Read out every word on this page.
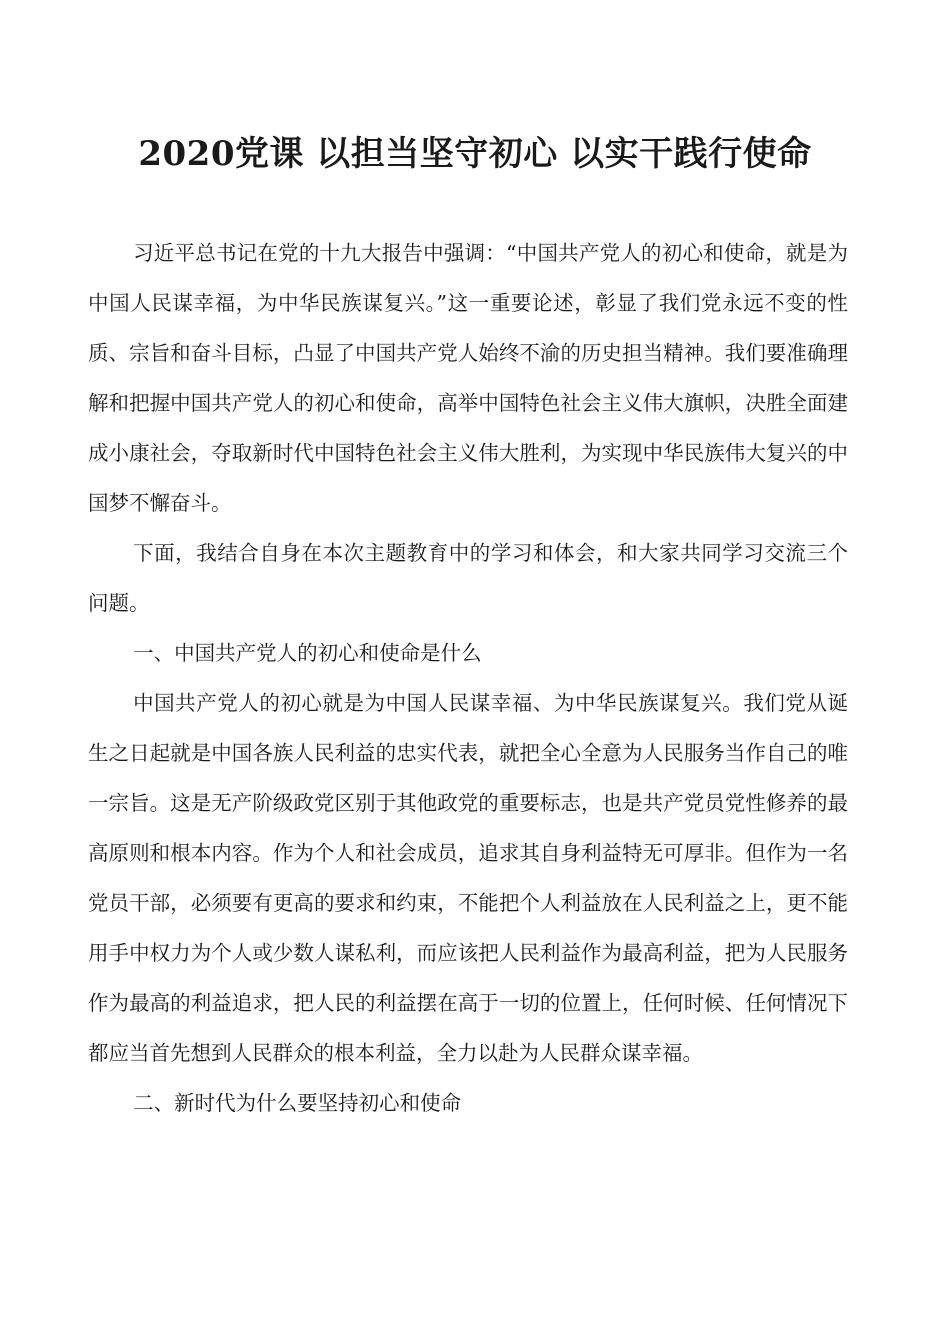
2020党课 以担当坚守初心 以实干践行使命

习近平总书记在党的十九大报告中强调：“中国共产党人的初心和使命，就是为中国人民谋幸福，为中华民族谋复兴。”这一重要论述，彰显了我们党永远不变的性质、宗旨和奋斗目标，凸显了中国共产党人始终不渝的历史担当精神。我们要准确理解和把握中国共产党人的初心和使命，高举中国特色社会主义伟大旗帜，决胜全面建成小康社会，夺取新时代中国特色社会主义伟大胜利，为实现中华民族伟大复兴的中国梦不懈奋斗。

下面，我结合自身在本次主题教育中的学习和体会，和大家共同学习交流三个问题。

一、中国共产党人的初心和使命是什么

中国共产党人的初心就是为中国人民谋幸福、为中华民族谋复兴。我们党从诞生之日起就是中国各族人民利益的忠实代表，就把全心全意为人民服务当作自己的唯一宗旨。这是无产阶级政党区别于其他政党的重要标志，也是共产党员党性修养的最高原则和根本内容。作为个人和社会成员，追求其自身利益特无可厚非。但作为一名党员干部，必须要有更高的要求和约束，不能把个人利益放在人民利益之上，更不能用手中权力为个人或少数人谋私利，而应该把人民利益作为最高利益，把为人民服务作为最高的利益追求，把人民的利益摆在高于一切的位置上，任何时候、任何情况下都应当首先想到人民群众的根本利益，全力以赴为人民群众谋幸福。

二、新时代为什么要坚持初心和使命
